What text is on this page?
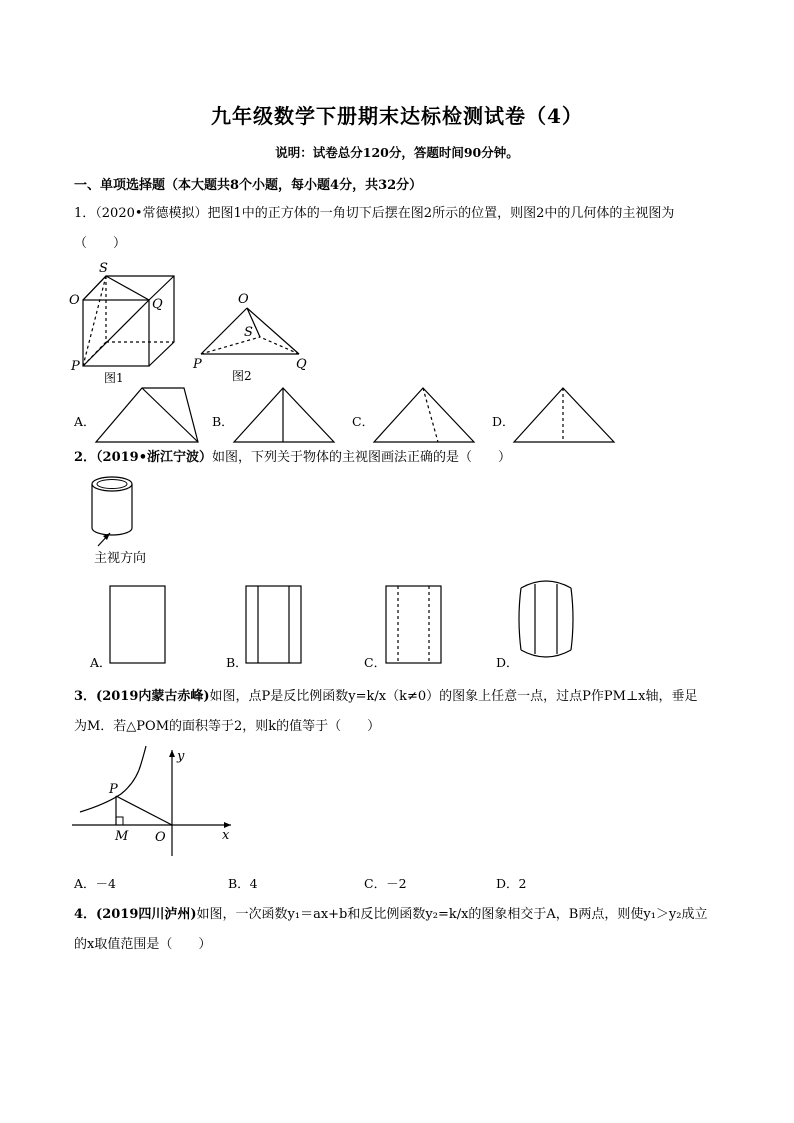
九年级数学下册期末达标检测试卷（4）
说明：试卷总分120分，答题时间90分钟。
一、单项选择题（本大题共8个小题，每小题4分，共32分）
1．（2020•常德模拟）把图1中的正方体的一角切下后摆在图2所示的位置，则图2中的几何体的主视图为
（　　）
S
O	Q
P
图1
O
S
P	Q
图2
A．	B．	C．	D．
2．（2019•浙江宁波）如图，下列关于物体的主视图画法正确的是（　　）
主视方向
A．	B．	C．	D．
3．(2019内蒙古赤峰)如图，点P是反比例函数y=k/x（k≠0）的图象上任意一点，过点P作PM⊥x轴，垂足
为M．若△POM的面积等于2，则k的值等于（　　）
y
x
P
M O
A．－4	B．4	C．－2	D．2
4．(2019四川泸州)如图，一次函数y₁＝ax+b和反比例函数y₂=k/x的图象相交于A，B两点，则使y₁＞y₂成立
的x取值范围是（　　）
